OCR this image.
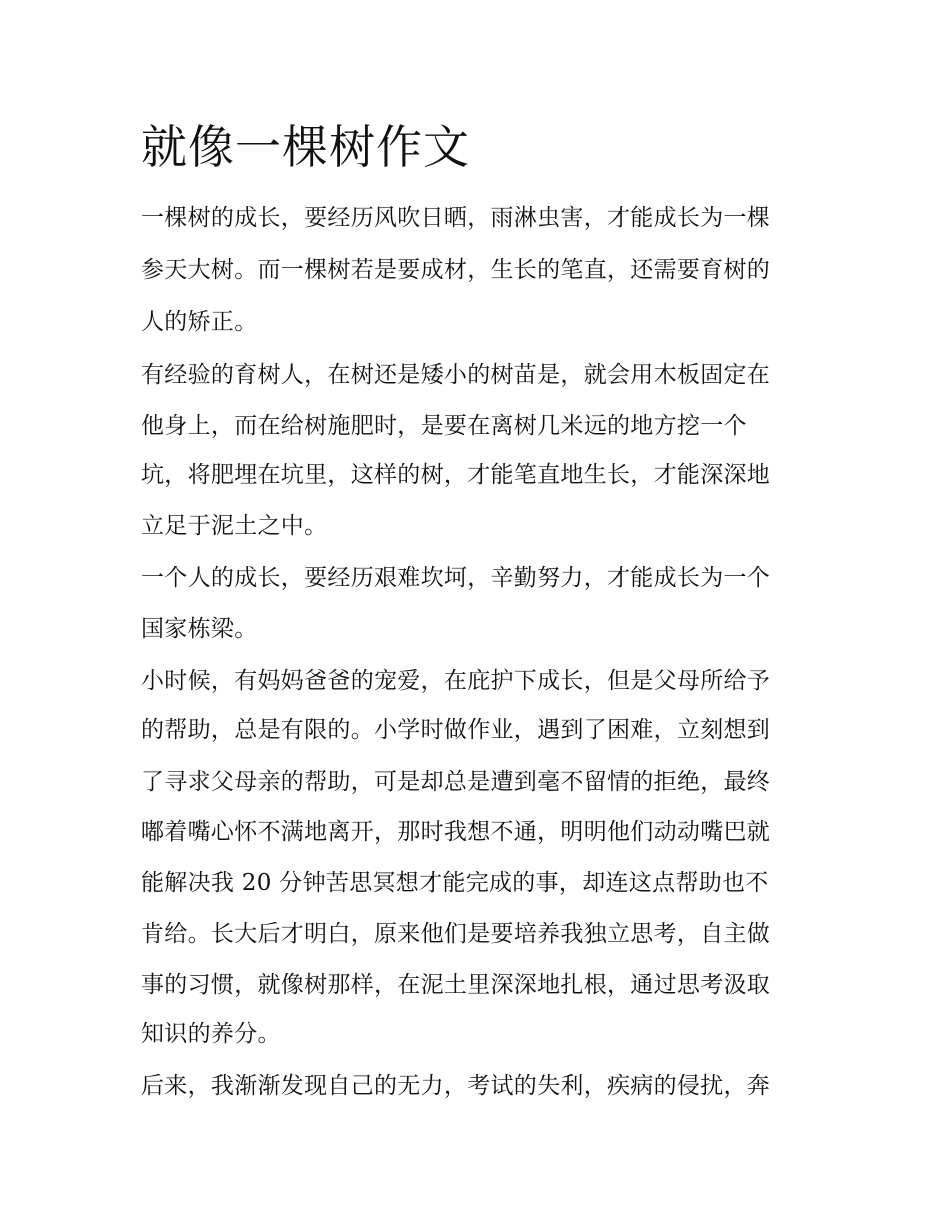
就像一棵树作文

一棵树的成长，要经历风吹日晒，雨淋虫害，才能成长为一棵

参天大树。而一棵树若是要成材，生长的笔直，还需要育树的

人的矫正。

有经验的育树人，在树还是矮小的树苗是，就会用木板固定在

他身上，而在给树施肥时，是要在离树几米远的地方挖一个

坑，将肥埋在坑里，这样的树，才能笔直地生长，才能深深地

立足于泥土之中。

一个人的成长，要经历艰难坎坷，辛勤努力，才能成长为一个

国家栋梁。

小时候，有妈妈爸爸的宠爱，在庇护下成长，但是父母所给予

的帮助，总是有限的。小学时做作业，遇到了困难，立刻想到

了寻求父母亲的帮助，可是却总是遭到毫不留情的拒绝，最终

嘟着嘴心怀不满地离开，那时我想不通，明明他们动动嘴巴就

能解决我 20 分钟苦思冥想才能完成的事，却连这点帮助也不

肯给。长大后才明白，原来他们是要培养我独立思考，自主做

事的习惯，就像树那样，在泥土里深深地扎根，通过思考汲取

知识的养分。

后来，我渐渐发现自己的无力，考试的失利，疾病的侵扰，奔
